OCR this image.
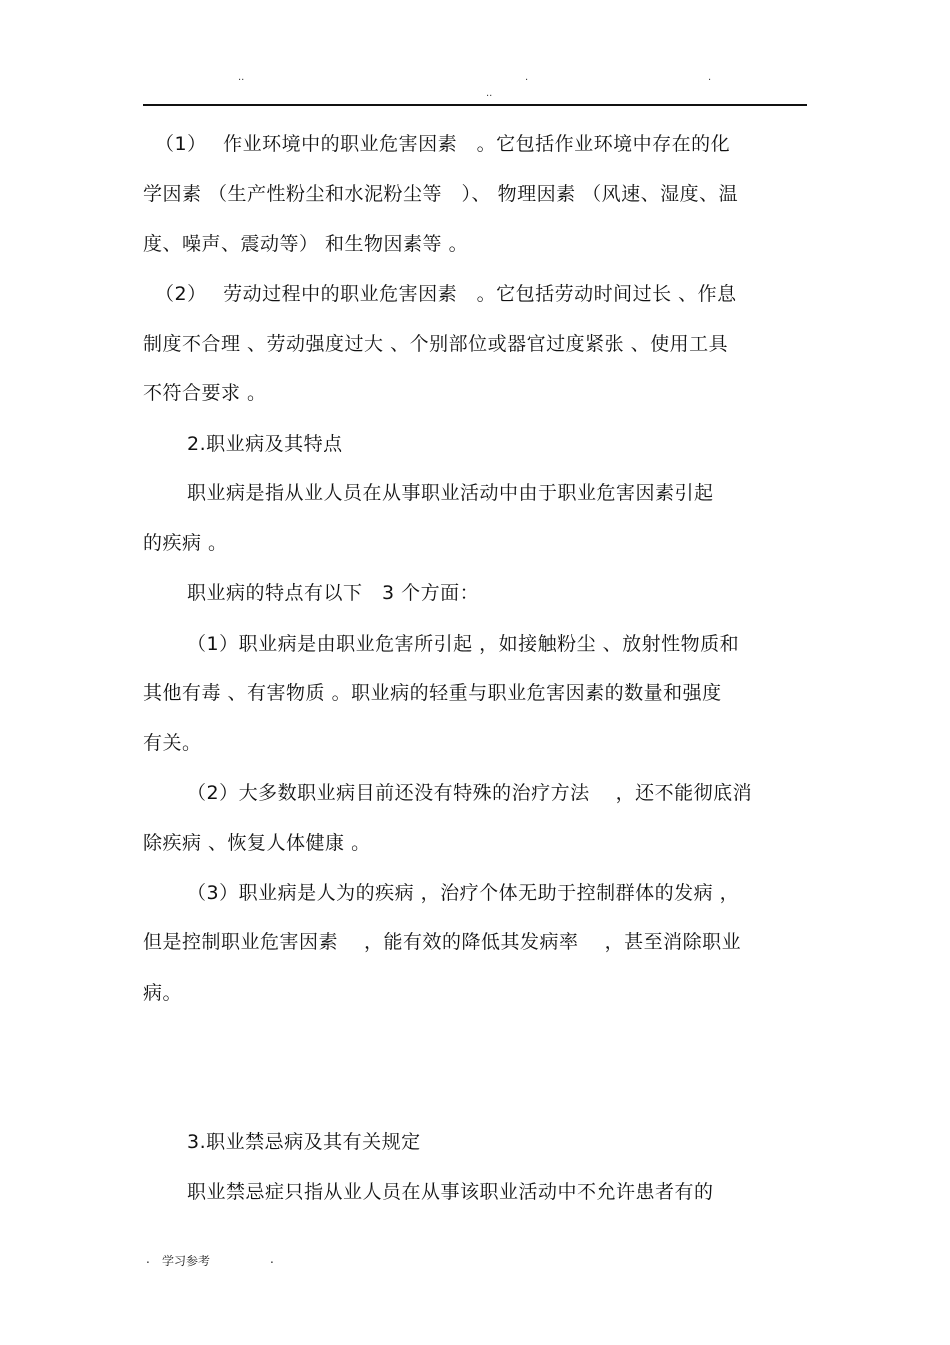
..	.	.
..
（1）　 作业环境中的职业危害因素　。它包括作业环境中存在的化
学因素 （生产性粉尘和水泥粉尘等　）、 物理因素 （风速、湿度、温
度、噪声、震动等） 和生物因素等 。
（2）　 劳动过程中的职业危害因素　。它包括劳动时间过长 、作息
制度不合理 、劳动强度过大 、个别部位或器官过度紧张 、使用工具
不符合要求 。
2.职业病及其特点
职业病是指从业人员在从事职业活动中由于职业危害因素引起
的疾病 。
职业病的特点有以下　3 个方面：
（1）职业病是由职业危害所引起 ，如接触粉尘 、放射性物质和
其他有毒 、有害物质 。职业病的轻重与职业危害因素的数量和强度
有关。
（2）大多数职业病目前还没有特殊的治疗方法　 ，还不能彻底消
除疾病 、恢复人体健康 。
（3）职业病是人为的疾病 ，治疗个体无助于控制群体的发病 ，
但是控制职业危害因素　 ，能有效的降低其发病率　 ，甚至消除职业
病。
3.职业禁忌病及其有关规定
职业禁忌症只指从业人员在从事该职业活动中不允许患者有的
. 学习参考	.
